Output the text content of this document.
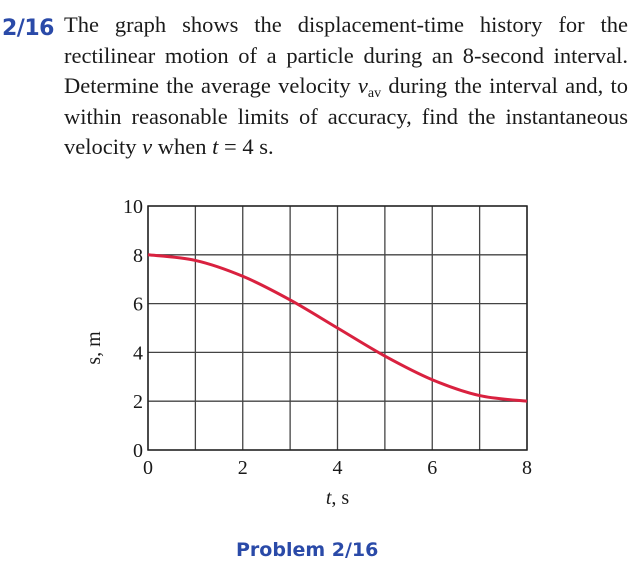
2/16 The graph shows the displacement-time history for the rectilinear motion of a particle during an 8-second interval. Determine the average velocity $v_{av}$ during the interval and, to within reasonable limits of accuracy, find the instantaneous velocity v when t = 4 s.
0
2
4
6
8
10
0	2	4	6	8
s, m
t, s
Problem 2/16
